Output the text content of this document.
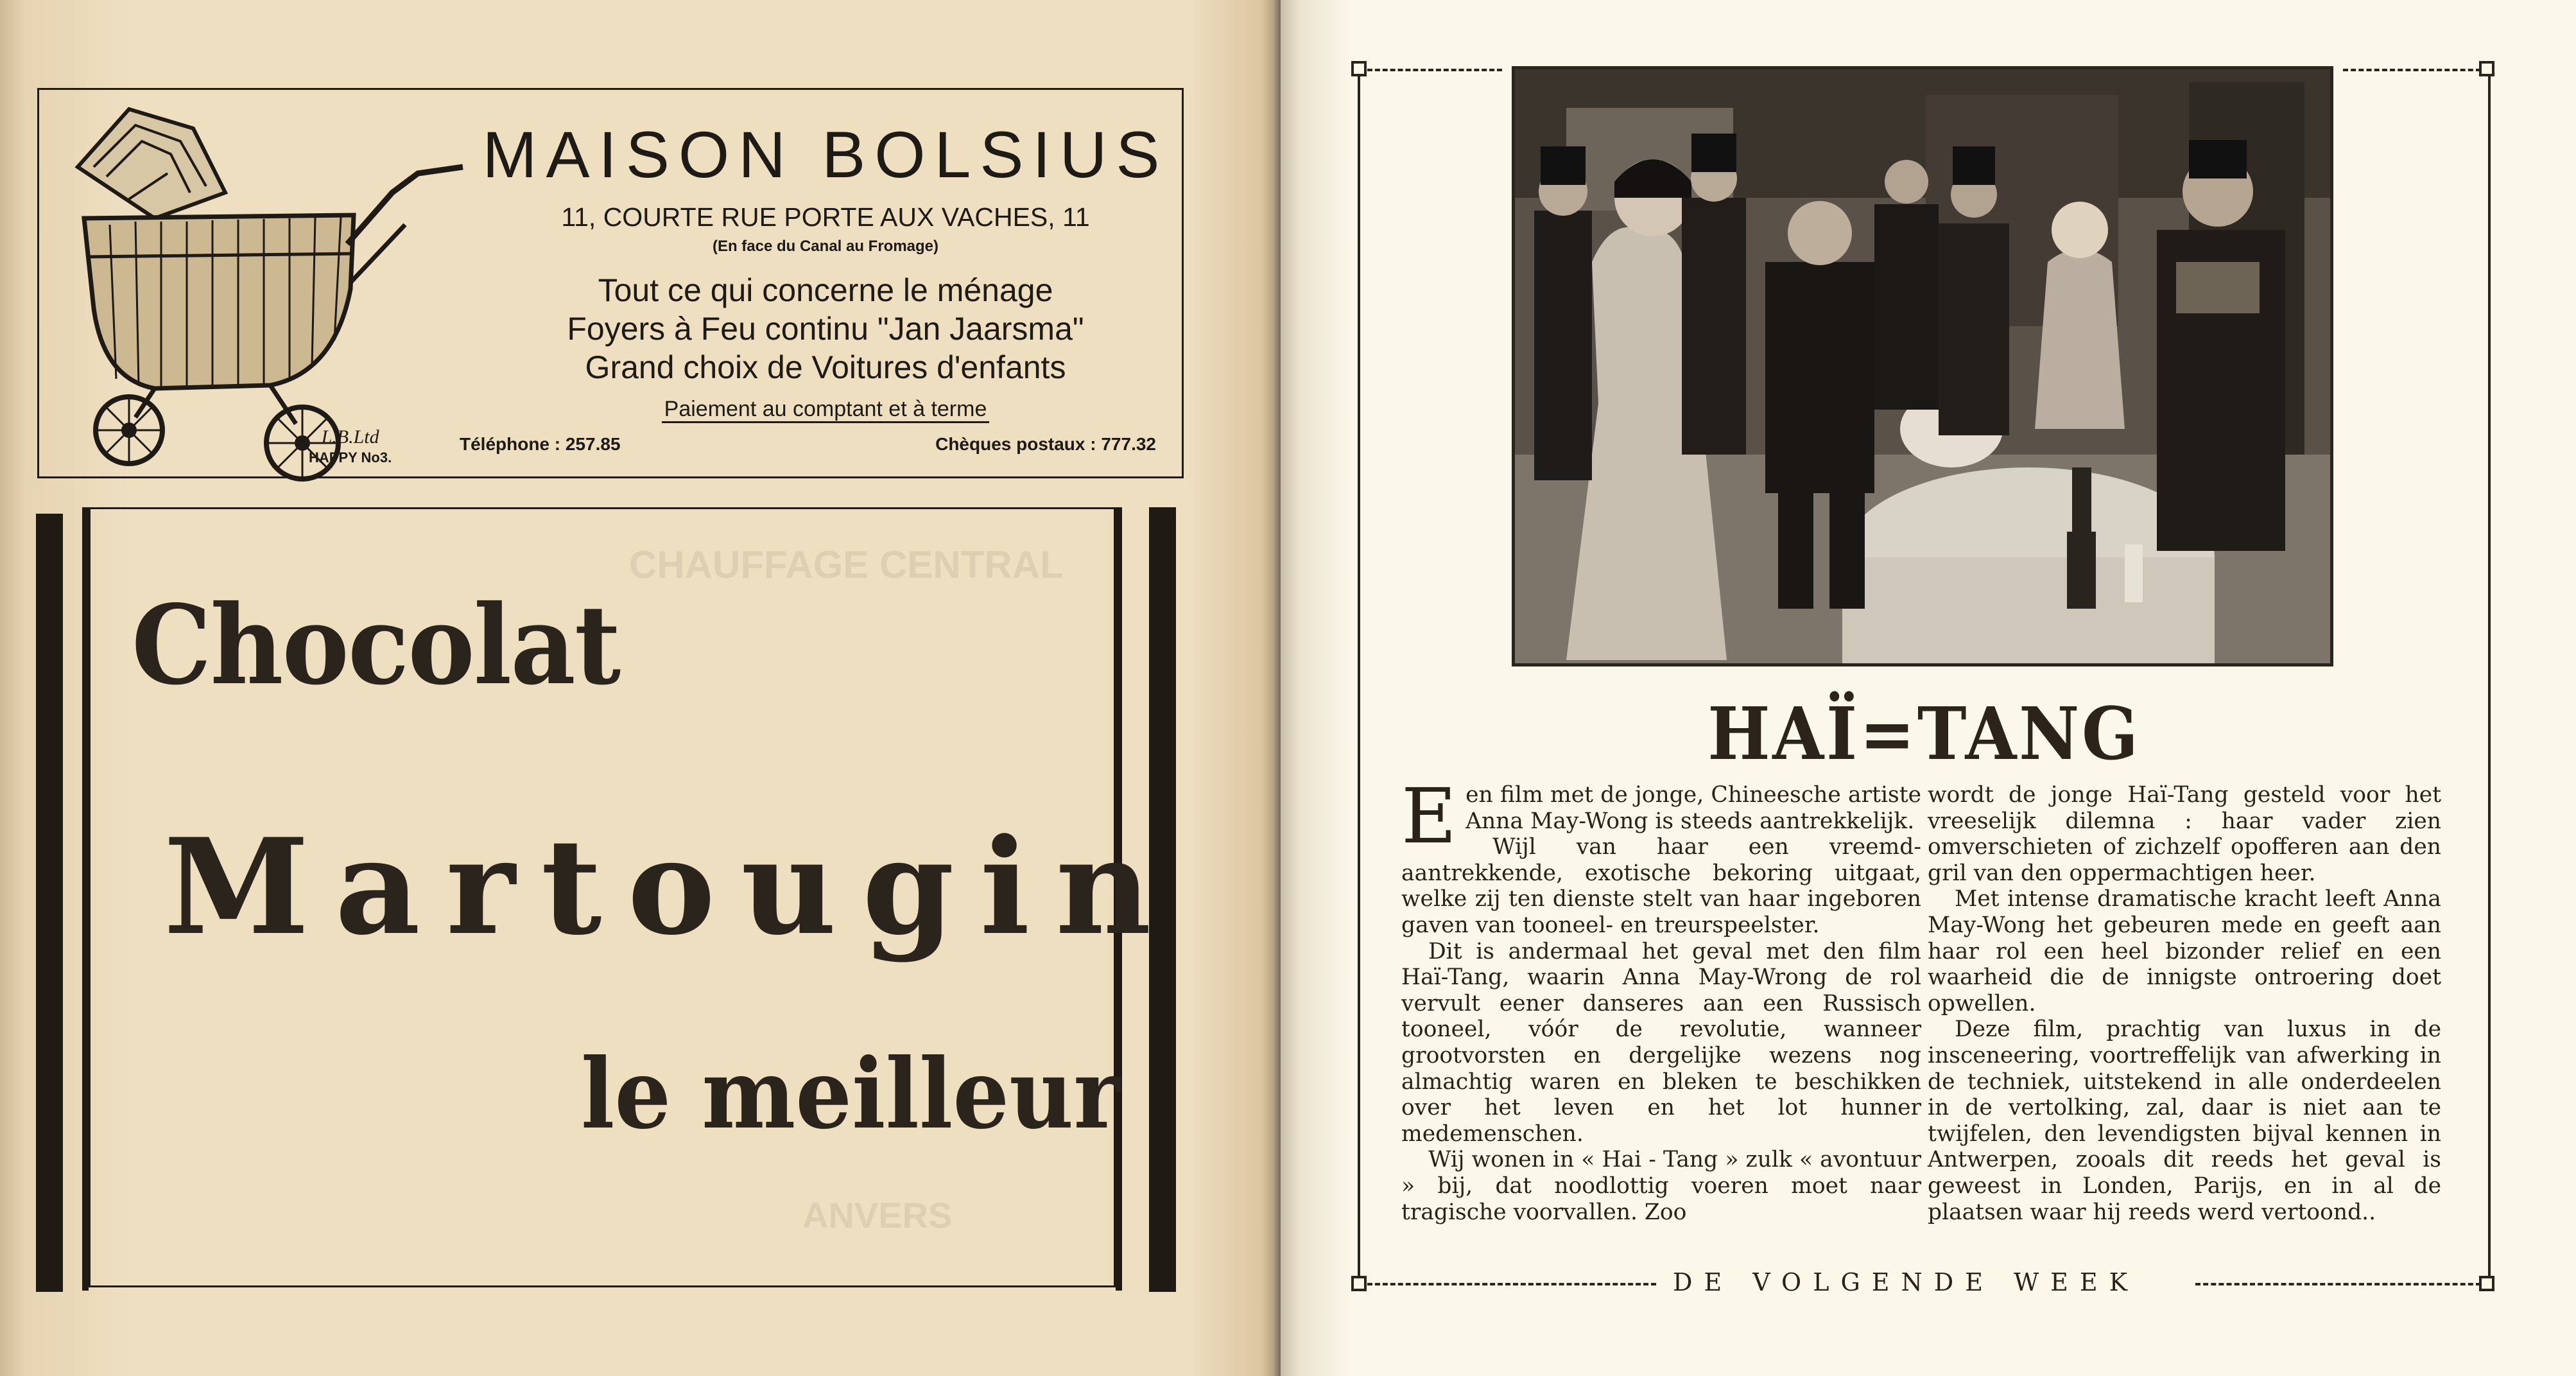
CHAUFFAGE CENTRAL
ANVERS
L.B.Ltd
HAPPY No3.
MAISON BOLSIUS
11, COURTE RUE PORTE AUX VACHES, 11
(En face du Canal au Fromage)
Tout ce qui concerne le ménage
Foyers à Feu continu "Jan Jaarsma"
Grand choix de Voitures d'enfants
Paiement au comptant et à terme
Téléphone : 257.85	Chèques postaux : 777.32
Chocolat
Martougin
le meilleur
HAÏ=TANG

Een film met de jonge, Chineesche artiste Anna May-Wong is steeds aantrekkelijk.

Wijl van haar een vreemd-aantrekkende, exotische bekoring uitgaat, welke zij ten dienste stelt van haar ingeboren gaven van tooneel- en treurspeelster.

Dit is andermaal het geval met den film Haï-Tang, waarin Anna May-Wrong de rol vervult eener danseres aan een Russisch tooneel, vóór de revolutie, wanneer grootvorsten en dergelijke wezens nog almachtig waren en bleken te beschikken over het leven en het lot hunner medemenschen.

Wij wonen in « Hai - Tang » zulk « avontuur » bij, dat noodlottig voeren moet naar tragische voorvallen. Zoo

wordt de jonge Haï-Tang gesteld voor het vreeselijk dilemna : haar vader zien omverschieten of zichzelf opofferen aan den gril van den oppermachtigen heer.

Met intense dramatische kracht leeft Anna May-Wong het gebeuren mede en geeft aan haar rol een heel bizonder relief en een waarheid die de innigste ontroering doet opwellen.

Deze film, prachtig van luxus in de insceneering, voortreffelijk van afwerking in de techniek, uitstekend in alle onderdeelen in de vertolking, zal, daar is niet aan te twijfelen, den levendigsten bijval kennen in Antwerpen, zooals dit reeds het geval is geweest in Londen, Parijs, en in al de plaatsen waar hij reeds werd vertoond..

DE VOLGENDE WEEK
